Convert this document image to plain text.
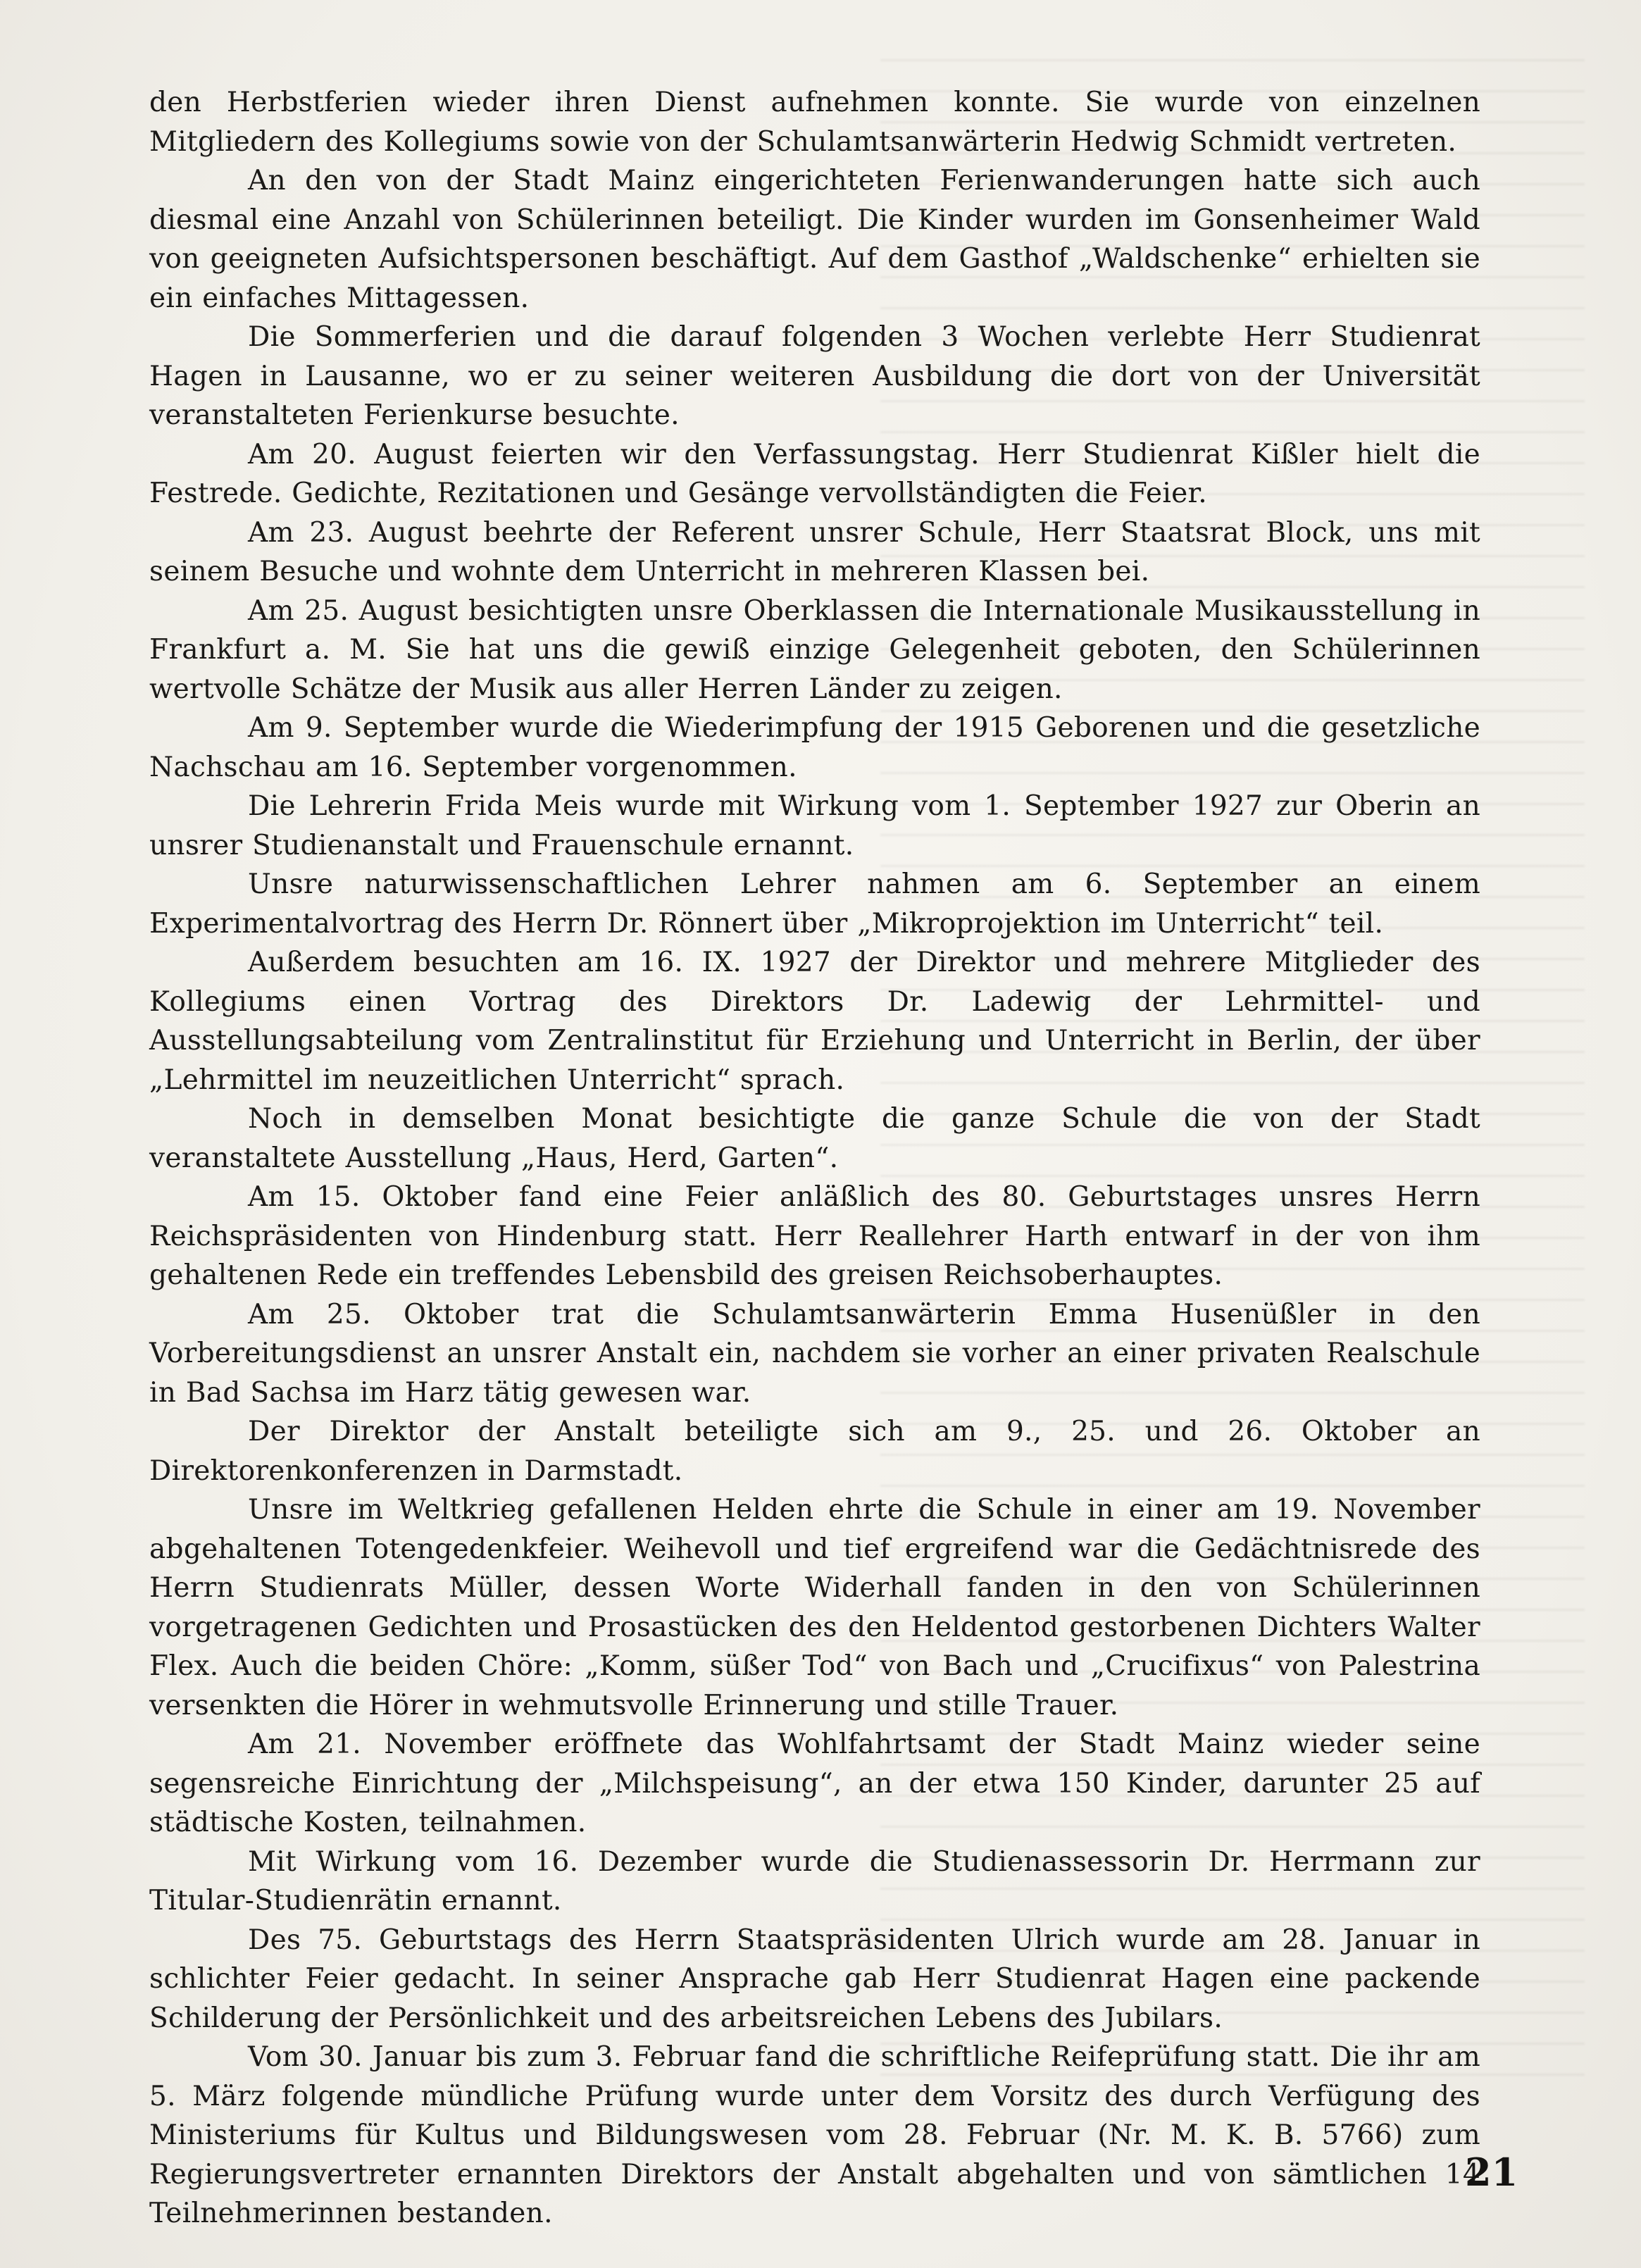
den Herbstferien wieder ihren Dienst aufnehmen konnte. Sie wurde von einzelnen Mitgliedern des Kollegiums sowie von der Schulamtsanwärterin Hedwig Schmidt vertreten.

An den von der Stadt Mainz eingerichteten Ferienwanderungen hatte sich auch diesmal eine Anzahl von Schülerinnen beteiligt. Die Kinder wurden im Gonsenheimer Wald von geeigneten Aufsichtspersonen beschäftigt. Auf dem Gasthof „Waldschenke“ erhielten sie ein einfaches Mittagessen.

Die Sommerferien und die darauf folgenden 3 Wochen verlebte Herr Studienrat Hagen in Lausanne, wo er zu seiner weiteren Ausbildung die dort von der Universität veranstalteten Ferienkurse besuchte.

Am 20. August feierten wir den Verfassungstag. Herr Studienrat Kißler hielt die Festrede. Gedichte, Rezitationen und Gesänge vervollständigten die Feier.

Am 23. August beehrte der Referent unsrer Schule, Herr Staatsrat Block, uns mit seinem Besuche und wohnte dem Unterricht in mehreren Klassen bei.

Am 25. August besichtigten unsre Oberklassen die Internationale Musikausstellung in Frankfurt a. M. Sie hat uns die gewiß einzige Gelegenheit geboten, den Schülerinnen wertvolle Schätze der Musik aus aller Herren Länder zu zeigen.

Am 9. September wurde die Wiederimpfung der 1915 Geborenen und die gesetzliche Nachschau am 16. September vorgenommen.

Die Lehrerin Frida Meis wurde mit Wirkung vom 1. September 1927 zur Oberin an unsrer Studienanstalt und Frauenschule ernannt.

Unsre naturwissenschaftlichen Lehrer nahmen am 6. September an einem Experimentalvortrag des Herrn Dr. Rönnert über „Mikroprojektion im Unterricht“ teil.

Außerdem besuchten am 16. IX. 1927 der Direktor und mehrere Mitglieder des Kollegiums einen Vortrag des Direktors Dr. Ladewig der Lehrmittel- und Ausstellungsabteilung vom Zentralinstitut für Erziehung und Unterricht in Berlin, der über „Lehrmittel im neuzeitlichen Unterricht“ sprach.

Noch in demselben Monat besichtigte die ganze Schule die von der Stadt veranstaltete Ausstellung „Haus, Herd, Garten“.

Am 15. Oktober fand eine Feier anläßlich des 80. Geburtstages unsres Herrn Reichspräsidenten von Hindenburg statt. Herr Reallehrer Harth entwarf in der von ihm gehaltenen Rede ein treffendes Lebensbild des greisen Reichsoberhauptes.

Am 25. Oktober trat die Schulamtsanwärterin Emma Husenüßler in den Vorbereitungsdienst an unsrer Anstalt ein, nachdem sie vorher an einer privaten Realschule in Bad Sachsa im Harz tätig gewesen war.

Der Direktor der Anstalt beteiligte sich am 9., 25. und 26. Oktober an Direktorenkonferenzen in Darmstadt.

Unsre im Weltkrieg gefallenen Helden ehrte die Schule in einer am 19. November abgehaltenen Totengedenkfeier. Weihevoll und tief ergreifend war die Gedächtnisrede des Herrn Studienrats Müller, dessen Worte Widerhall fanden in den von Schülerinnen vorgetragenen Gedichten und Prosastücken des den Heldentod gestorbenen Dichters Walter Flex. Auch die beiden Chöre: „Komm, süßer Tod“ von Bach und „Crucifixus“ von Palestrina versenkten die Hörer in wehmutsvolle Erinnerung und stille Trauer.

Am 21. November eröffnete das Wohlfahrtsamt der Stadt Mainz wieder seine segensreiche Einrichtung der „Milchspeisung“, an der etwa 150 Kinder, darunter 25 auf städtische Kosten, teilnahmen.

Mit Wirkung vom 16. Dezember wurde die Studienassessorin Dr. Herrmann zur Titular-Studienrätin ernannt.

Des 75. Geburtstags des Herrn Staatspräsidenten Ulrich wurde am 28. Januar in schlichter Feier gedacht. In seiner Ansprache gab Herr Studienrat Hagen eine packende Schilderung der Persönlichkeit und des arbeitsreichen Lebens des Jubilars.

Vom 30. Januar bis zum 3. Februar fand die schriftliche Reifeprüfung statt. Die ihr am 5. März folgende mündliche Prüfung wurde unter dem Vorsitz des durch Verfügung des Ministeriums für Kultus und Bildungswesen vom 28. Februar (Nr. M. K. B. 5766) zum Regierungsvertreter ernannten Direktors der Anstalt abgehalten und von sämtlichen 14 Teilnehmerinnen bestanden.

21
